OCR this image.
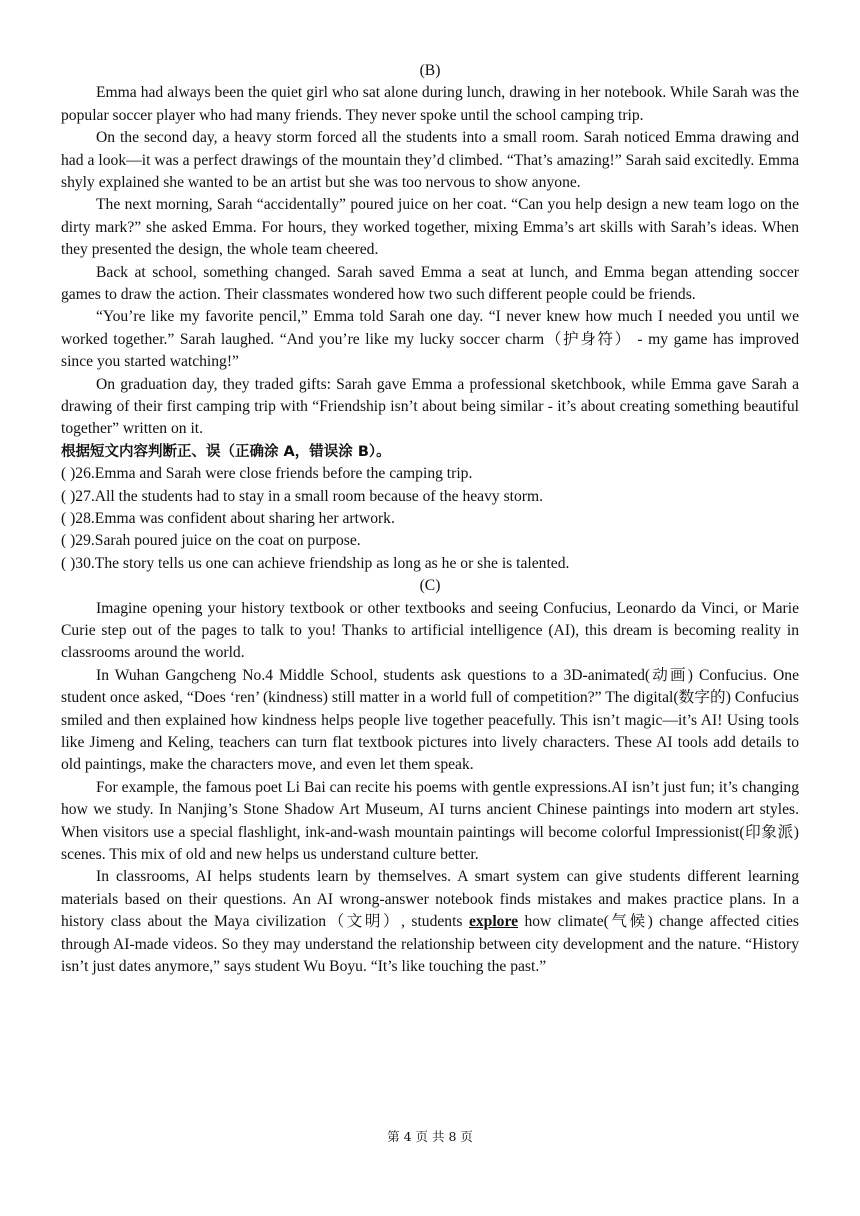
(B)

Emma had always been the quiet girl who sat alone during lunch, drawing in her notebook. While Sarah was the popular soccer player who had many friends. They never spoke until the school camping trip.

On the second day, a heavy storm forced all the students into a small room. Sarah noticed Emma drawing and had a look—it was a perfect drawings of the mountain they’d climbed. “That’s amazing!” Sarah said excitedly. Emma shyly explained she wanted to be an artist but she was too nervous to show anyone.

The next morning, Sarah “accidentally” poured juice on her coat. “Can you help design a new team logo on the dirty mark?” she asked Emma. For hours, they worked together, mixing Emma’s art skills with Sarah’s ideas. When they presented the design, the whole team cheered.

Back at school, something changed. Sarah saved Emma a seat at lunch, and Emma began attending soccer games to draw the action. Their classmates wondered how two such different people could be friends.

“You’re like my favorite pencil,” Emma told Sarah one day. “I never knew how much I needed you until we worked together.” Sarah laughed. “And you’re like my lucky soccer charm（护身符） - my game has improved since you started watching!”

On graduation day, they traded gifts: Sarah gave Emma a professional sketchbook, while Emma gave Sarah a drawing of their first camping trip with “Friendship isn’t about being similar - it’s about creating something beautiful together” written on it.

根据短文内容判断正、误（正确涂 A，错误涂 B）。

( )26.Emma and Sarah were close friends before the camping trip.

( )27.All the students had to stay in a small room because of the heavy storm.

( )28.Emma was confident about sharing her artwork.

( )29.Sarah poured juice on the coat on purpose.

( )30.The story tells us one can achieve friendship as long as he or she is talented.

(C)

Imagine opening your history textbook or other textbooks and seeing Confucius, Leonardo da Vinci, or Marie Curie step out of the pages to talk to you! Thanks to artificial intelligence (AI), this dream is becoming reality in classrooms around the world.

In Wuhan Gangcheng No.4 Middle School, students ask questions to a 3D-animated(动画) Confucius. One student once asked, “Does ‘ren’ (kindness) still matter in a world full of competition?” The digital(数字的) Confucius smiled and then explained how kindness helps people live together peacefully. This isn’t magic—it’s AI! Using tools like Jimeng and Keling, teachers can turn flat textbook pictures into lively characters. These AI tools add details to old paintings, make the characters move, and even let them speak.

For example, the famous poet Li Bai can recite his poems with gentle expressions.AI isn’t just fun; it’s changing how we study. In Nanjing’s Stone Shadow Art Museum, AI turns ancient Chinese paintings into modern art styles. When visitors use a special flashlight, ink-and-wash mountain paintings will become colorful Impressionist(印象派) scenes. This mix of old and new helps us understand culture better.

In classrooms, AI helps students learn by themselves. A smart system can give students different learning materials based on their questions. An AI wrong-answer notebook finds mistakes and makes practice plans. In a history class about the Maya civilization（文明）, students explore how climate(气候) change affected cities through AI-made videos. So they may understand the relationship between city development and the nature. “History isn’t just dates anymore,” says student Wu Boyu. “It’s like touching the past.”

第 4 页 共 8 页
